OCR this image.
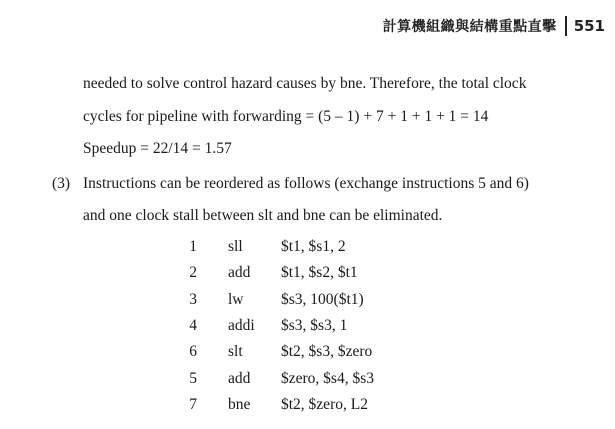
計算機組織與結構重點直擊 551
needed to solve control hazard causes by bne. Therefore, the total clock
cycles for pipeline with forwarding = (5 – 1) + 7 + 1 + 1 + 1 = 14
Speedup = 22/14 = 1.57
(3) Instructions can be reordered as follows (exchange instructions 5 and 6)
and one clock stall between slt and bne can be eliminated.
1	sll	$t1, $s1, 2
2	add	$t1, $s2, $t1
3	lw	$s3, 100($t1)
4	addi	$s3, $s3, 1
6	slt	$t2, $s3, $zero
5	add	$zero, $s4, $s3
7	bne	$t2, $zero, L2
